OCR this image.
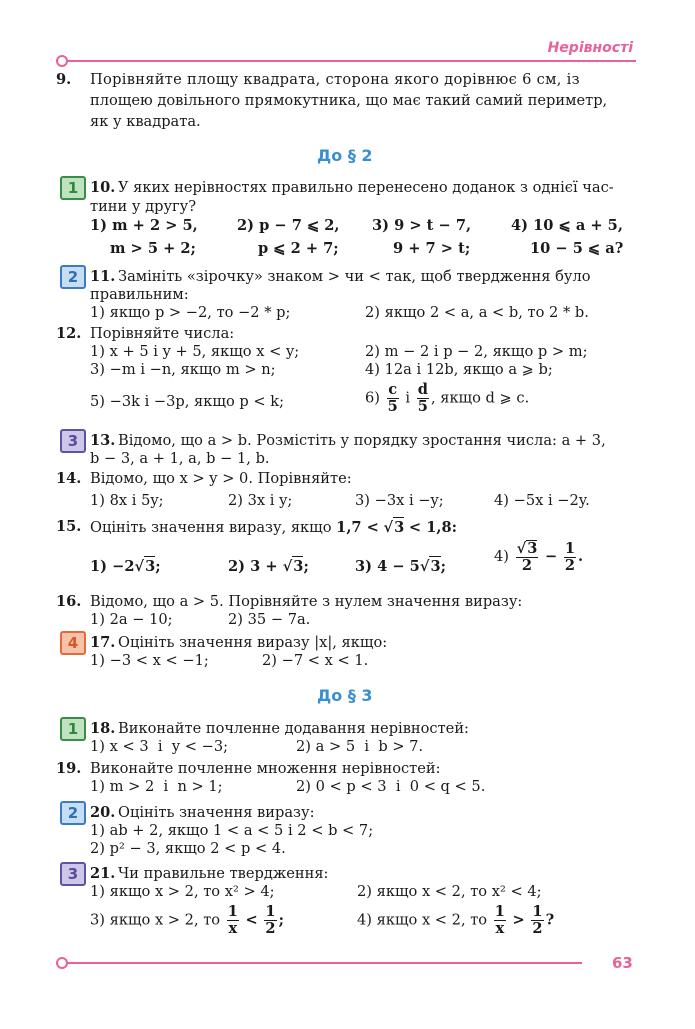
Нерівності
63
9. Порівняйте площу квадрата, сторона якого дорівнює 6 см, із
площею довільного прямокутника, що має такий самий периметр,
як у квадрата.
До § 2
1 10. У яких нерівностях правильно перенесено доданок з однієї час-
тини у другу?
1) m + 2 > 5,	2) p − 7 ⩽ 2, 3) 9 > t − 7,	4) 10 ⩽ a + 5,
m > 5 + 2;	p ⩽ 2 + 7;	9 + 7 > t;	10 − 5 ⩽ a?
2 11. Замініть «зірочку» знаком > чи < так, щоб твердження було
правильним:
1) якщо p > −2, то −2 * p;	2) якщо 2 < a, a < b, то 2 * b.
12. Порівняйте числа:
1) x + 5 і y + 5, якщо x < y;	2) m − 2 і p − 2, якщо p > m;
3) −m і −n, якщо m > n;	4) 12a і 12b, якщо a ⩾ b;
5) −3k і −3p, якщо p < k;	$6) \frac{c}{5}$ і $\frac{d}{5}$ , якщо d ⩾ c.
3 13. Відомо, що a > b. Розмістіть у порядку зростання числа: a + 3,
b − 3, a + 1, a, b − 1, b.
14. Відомо, що x > y > 0. Порівняйте:
1) 8x і 5y;	2) 3x і y;	3) −3x і −y;	4) −5x і −2y.
15. Оцініть значення виразу, якщо 1,7 < √3 < 1,8:
1) −2√3;	2) 3 + √3;	3) 4 − 5√3;
$4) \frac{√3}{2} - \frac{1}{2}$ .
16. Відомо, що a > 5. Порівняйте з нулем значення виразу:
1) 2a − 10;	2) 35 − 7a.
4 17. Оцініть значення виразу |x|, якщо:
1) −3 < x < −1;	2) −7 < x < 1.
До § 3
1 18. Виконайте почленне додавання нерівностей:
1) x < 3  і  y < −3;	2) a > 5  і  b > 7.
19. Виконайте почленне множення нерівностей:
1) m > 2  і  n > 1;	2) 0 < p < 3  і  0 < q < 5.
2 20. Оцініть значення виразу:
1) ab + 2, якщо 1 < a < 5 і 2 < b < 7;
2) p² − 3, якщо 2 < p < 4.
3 21. Чи правильне твердження:
1) якщо x > 2, то x² > 4;	2) якщо x < 2, то x² < 4;
3) якщо x > 2, то $\frac{1}{x} < \frac{1}{2}$ ;	4) якщо x < 2, то $\frac{1}{x} > \frac{1}{2}$ ?
